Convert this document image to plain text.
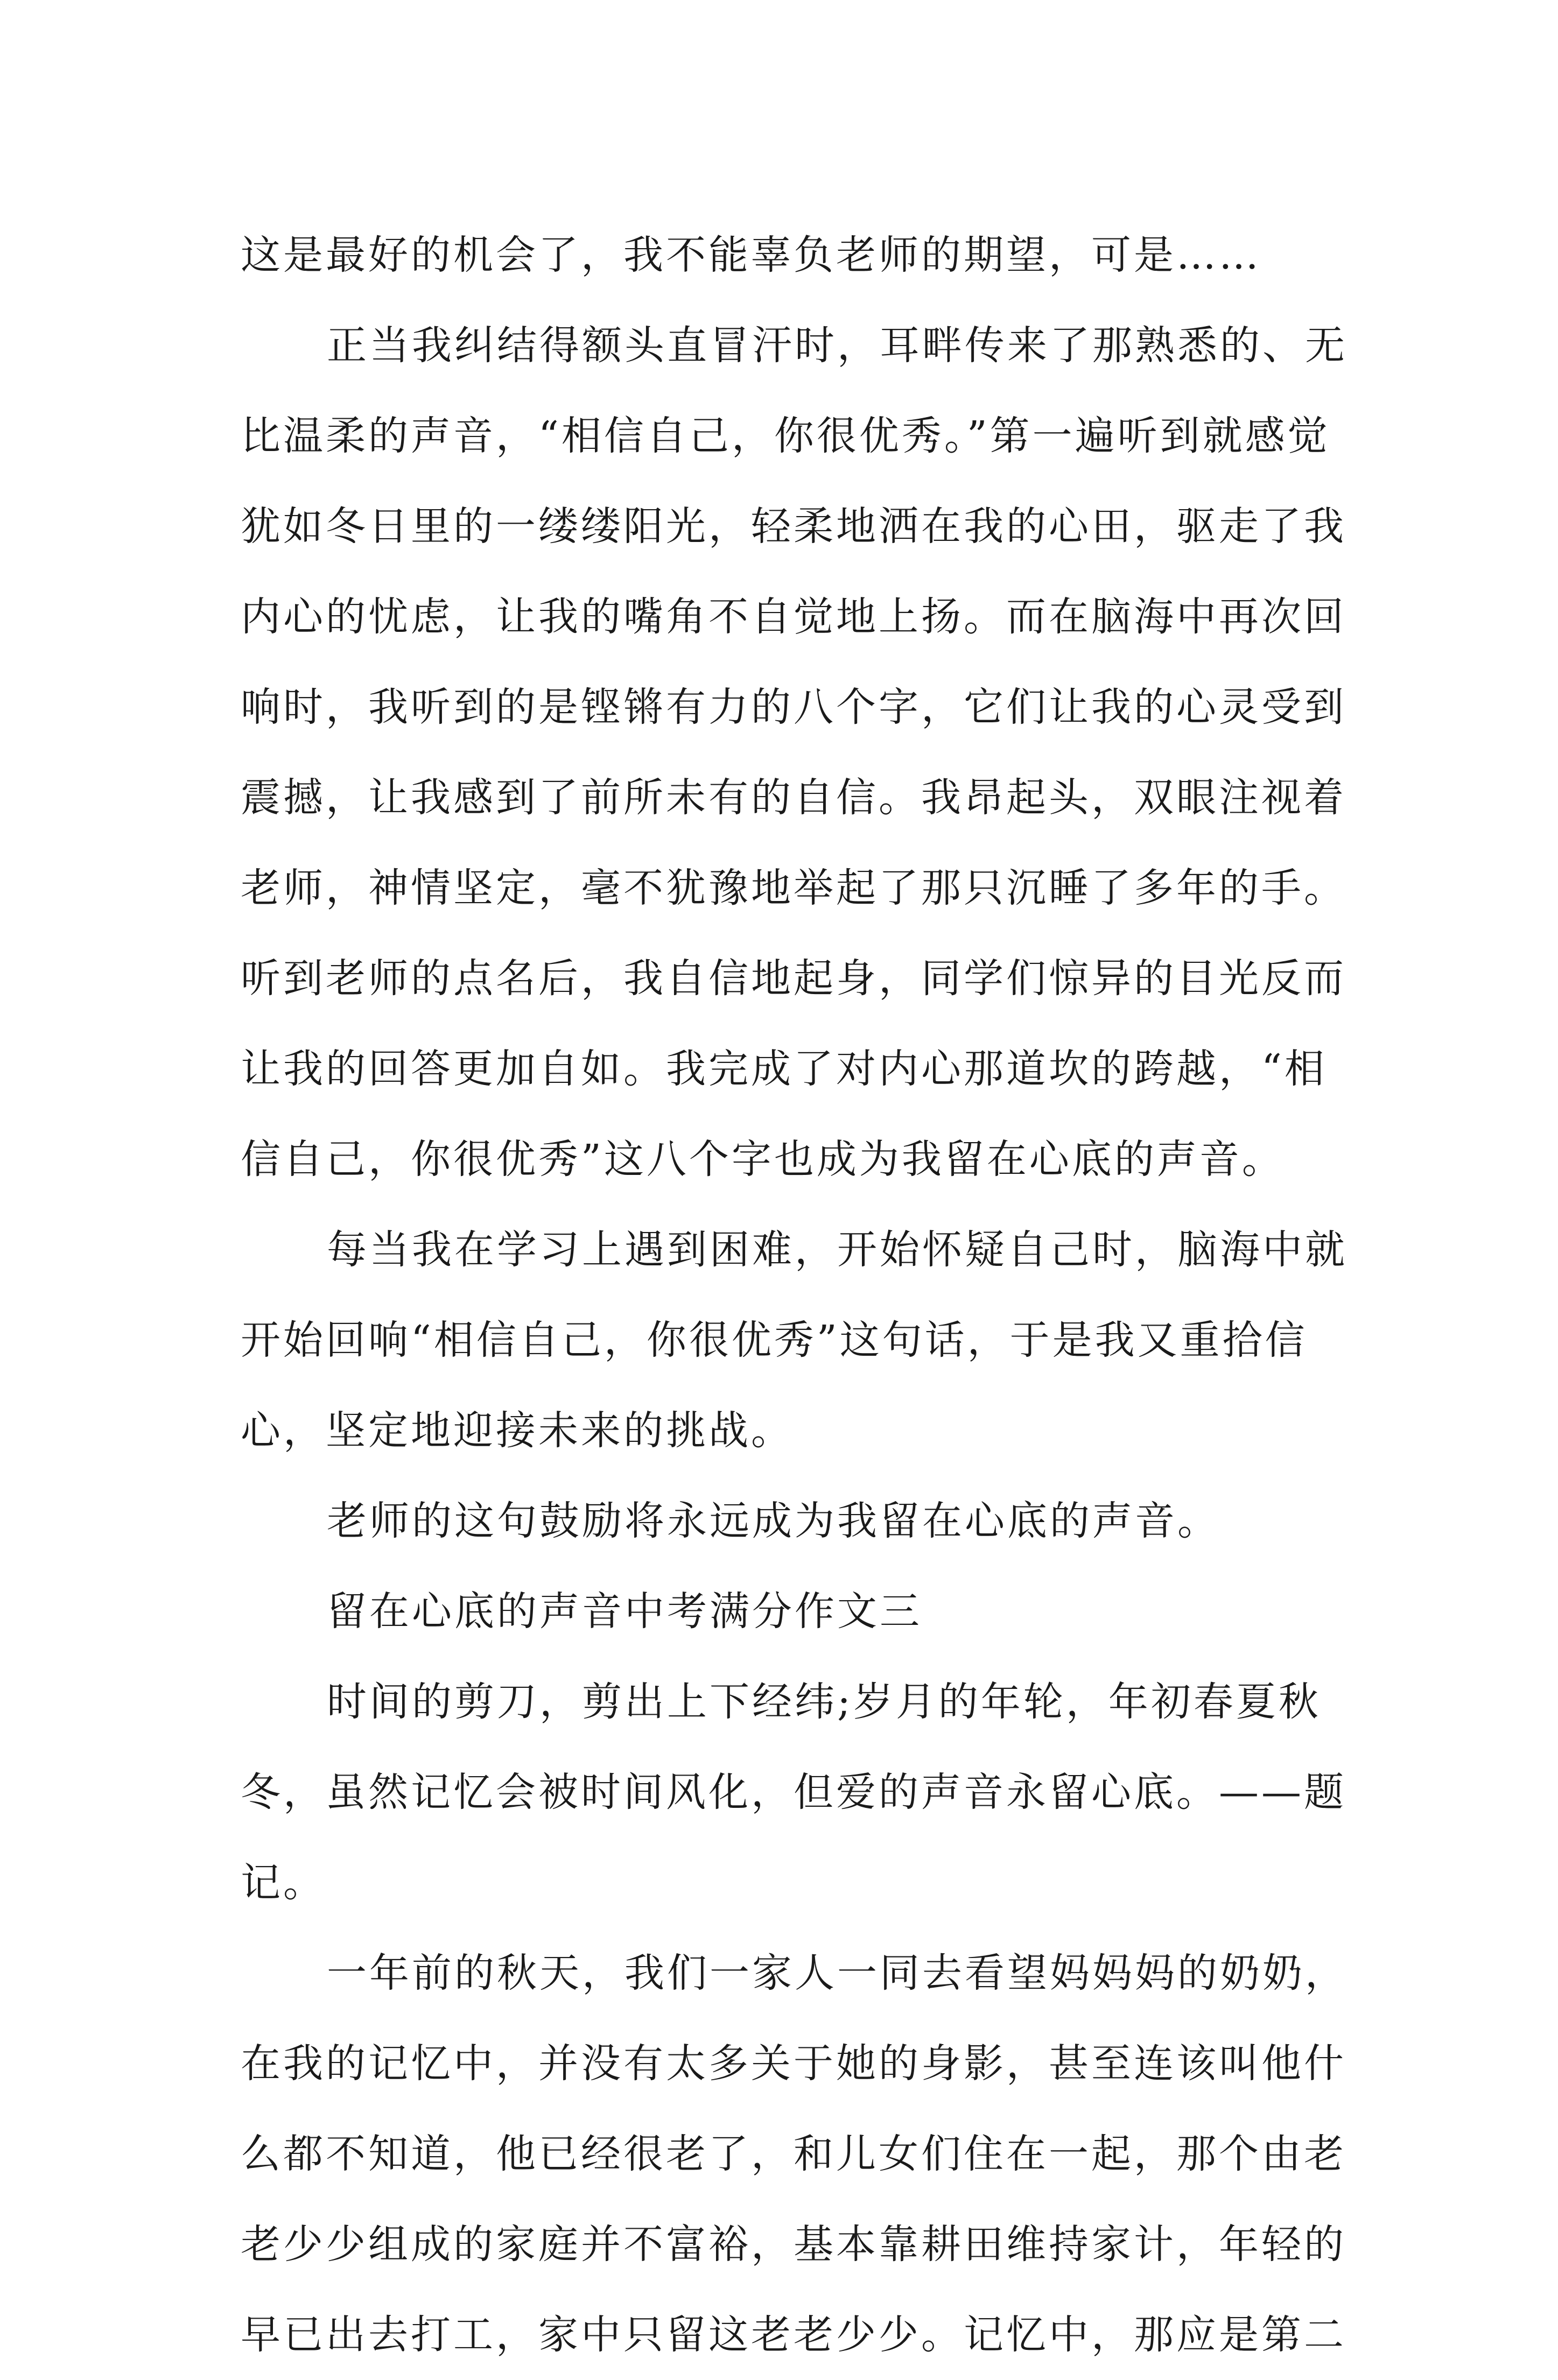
这是最好的机会了，我不能辜负老师的期望，可是……
正当我纠结得额头直冒汗时，耳畔传来了那熟悉的、无
比温柔的声音，“相信自己，你很优秀。”第一遍听到就感觉
犹如冬日里的一缕缕阳光，轻柔地洒在我的心田，驱走了我
内心的忧虑，让我的嘴角不自觉地上扬。而在脑海中再次回
响时，我听到的是铿锵有力的八个字，它们让我的心灵受到
震撼，让我感到了前所未有的自信。我昂起头，双眼注视着
老师，神情坚定，毫不犹豫地举起了那只沉睡了多年的手。
听到老师的点名后，我自信地起身，同学们惊异的目光反而
让我的回答更加自如。我完成了对内心那道坎的跨越，“相
信自己，你很优秀”这八个字也成为我留在心底的声音。
每当我在学习上遇到困难，开始怀疑自己时，脑海中就
开始回响“相信自己，你很优秀”这句话，于是我又重拾信
心，坚定地迎接未来的挑战。
老师的这句鼓励将永远成为我留在心底的声音。
留在心底的声音中考满分作文三
时间的剪刀，剪出上下经纬;岁月的年轮，年初春夏秋
冬，虽然记忆会被时间风化，但爱的声音永留心底。——题
记。
一年前的秋天，我们一家人一同去看望妈妈妈的奶奶，
在我的记忆中，并没有太多关于她的身影，甚至连该叫他什
么都不知道，他已经很老了，和儿女们住在一起，那个由老
老少少组成的家庭并不富裕，基本靠耕田维持家计，年轻的
早已出去打工，家中只留这老老少少。记忆中，那应是第二
